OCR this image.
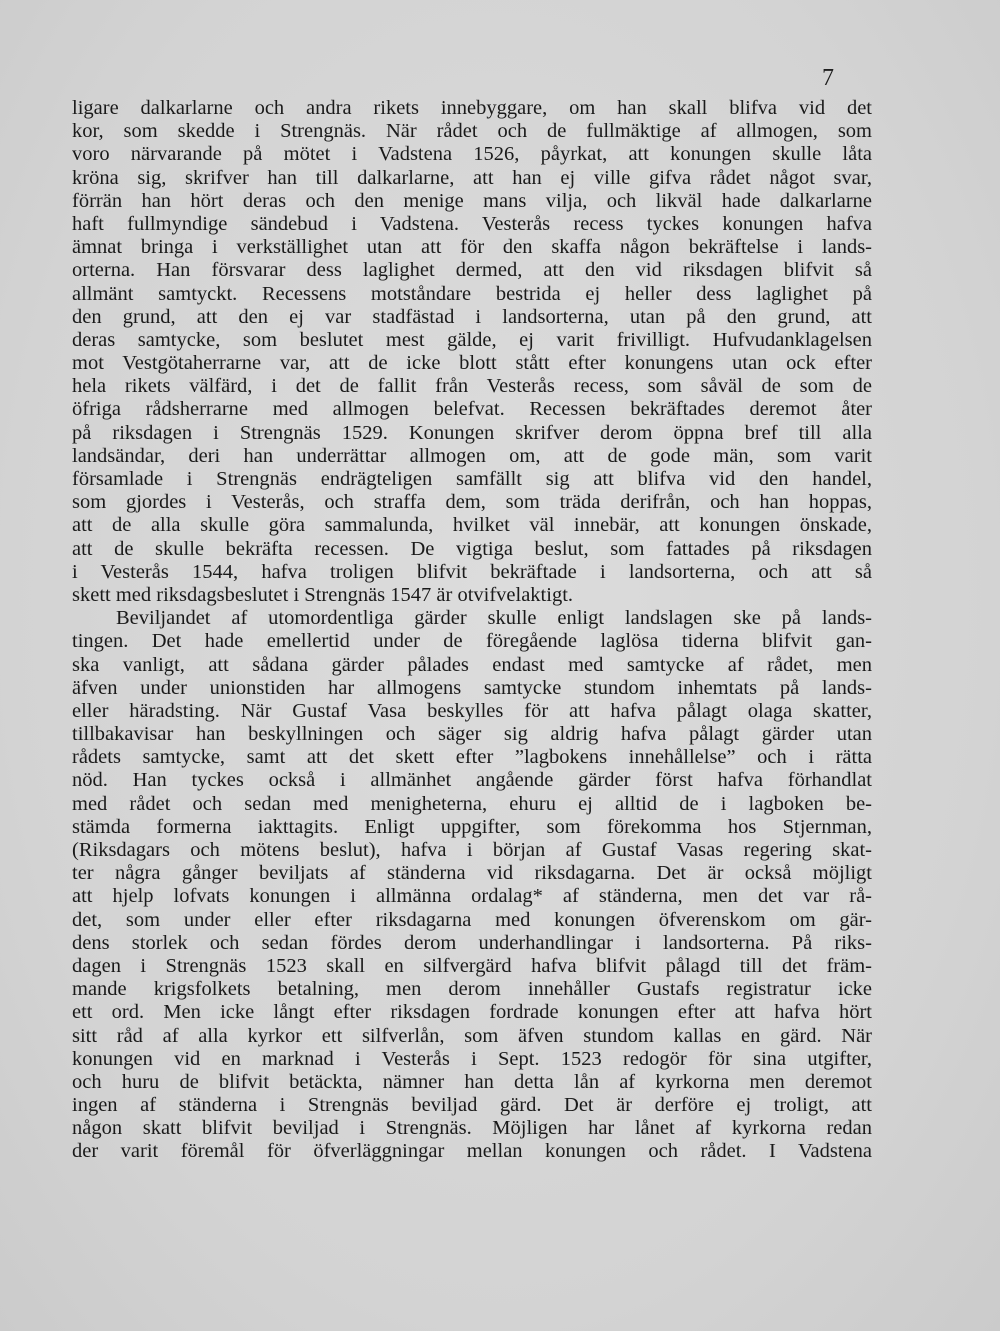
7
ligare dalkarlarne och andra rikets innebyggare, om han skall blifva vid det
kor, som skedde i Strengnäs. När rådet och de fullmäktige af allmogen, som
voro närvarande på mötet i Vadstena 1526, påyrkat, att konungen skulle låta
kröna sig, skrifver han till dalkarlarne, att han ej ville gifva rådet något svar,
förrän han hört deras och den menige mans vilja, och likväl hade dalkarlarne
haft fullmyndige sändebud i Vadstena. Vesterås recess tyckes konungen hafva
ämnat bringa i verkställighet utan att för den skaffa någon bekräftelse i lands-
orterna. Han försvarar dess laglighet dermed, att den vid riksdagen blifvit så
allmänt samtyckt. Recessens motståndare bestrida ej heller dess laglighet på
den grund, att den ej var stadfästad i landsorterna, utan på den grund, att
deras samtycke, som beslutet mest gälde, ej varit frivilligt. Hufvudanklagelsen
mot Vestgötaherrarne var, att de icke blott stått efter konungens utan ock efter
hela rikets välfärd, i det de fallit från Vesterås recess, som såväl de som de
öfriga rådsherrarne med allmogen belefvat. Recessen bekräftades deremot åter
på riksdagen i Strengnäs 1529. Konungen skrifver derom öppna bref till alla
landsändar, deri han underrättar allmogen om, att de gode män, som varit
församlade i Strengnäs endrägteligen samfällt sig att blifva vid den handel,
som gjordes i Vesterås, och straffa dem, som träda derifrån, och han hoppas,
att de alla skulle göra sammalunda, hvilket väl innebär, att konungen önskade,
att de skulle bekräfta recessen. De vigtiga beslut, som fattades på riksdagen
i Vesterås 1544, hafva troligen blifvit bekräftade i landsorterna, och att så
skett med riksdagsbeslutet i Strengnäs 1547 är otvifvelaktigt.
Beviljandet af utomordentliga gärder skulle enligt landslagen ske på lands-
tingen. Det hade emellertid under de föregående laglösa tiderna blifvit gan-
ska vanligt, att sådana gärder pålades endast med samtycke af rådet, men
äfven under unionstiden har allmogens samtycke stundom inhemtats på lands-
eller häradsting. När Gustaf Vasa beskylles för att hafva pålagt olaga skatter,
tillbakavisar han beskyllningen och säger sig aldrig hafva pålagt gärder utan
rådets samtycke, samt att det skett efter ”lagbokens innehållelse” och i rätta
nöd. Han tyckes också i allmänhet angående gärder först hafva förhandlat
med rådet och sedan med menigheterna, ehuru ej alltid de i lagboken be-
stämda formerna iakttagits. Enligt uppgifter, som förekomma hos Stjernman,
(Riksdagars och mötens beslut), hafva i början af Gustaf Vasas regering skat-
ter några gånger beviljats af ständerna vid riksdagarna. Det är också möjligt
att hjelp lofvats konungen i allmänna ordalag* af ständerna, men det var rå-
det, som under eller efter riksdagarna med konungen öfverenskom om gär-
dens storlek och sedan fördes derom underhandlingar i landsorterna. På riks-
dagen i Strengnäs 1523 skall en silfvergärd hafva blifvit pålagd till det främ-
mande krigsfolkets betalning, men derom innehåller Gustafs registratur icke
ett ord. Men icke långt efter riksdagen fordrade konungen efter att hafva hört
sitt råd af alla kyrkor ett silfverlån, som äfven stundom kallas en gärd. När
konungen vid en marknad i Vesterås i Sept. 1523 redogör för sina utgifter,
och huru de blifvit betäckta, nämner han detta lån af kyrkorna men deremot
ingen af ständerna i Strengnäs beviljad gärd. Det är derföre ej troligt, att
någon skatt blifvit beviljad i Strengnäs. Möjligen har lånet af kyrkorna redan
der varit föremål för öfverläggningar mellan konungen och rådet. I Vadstena
